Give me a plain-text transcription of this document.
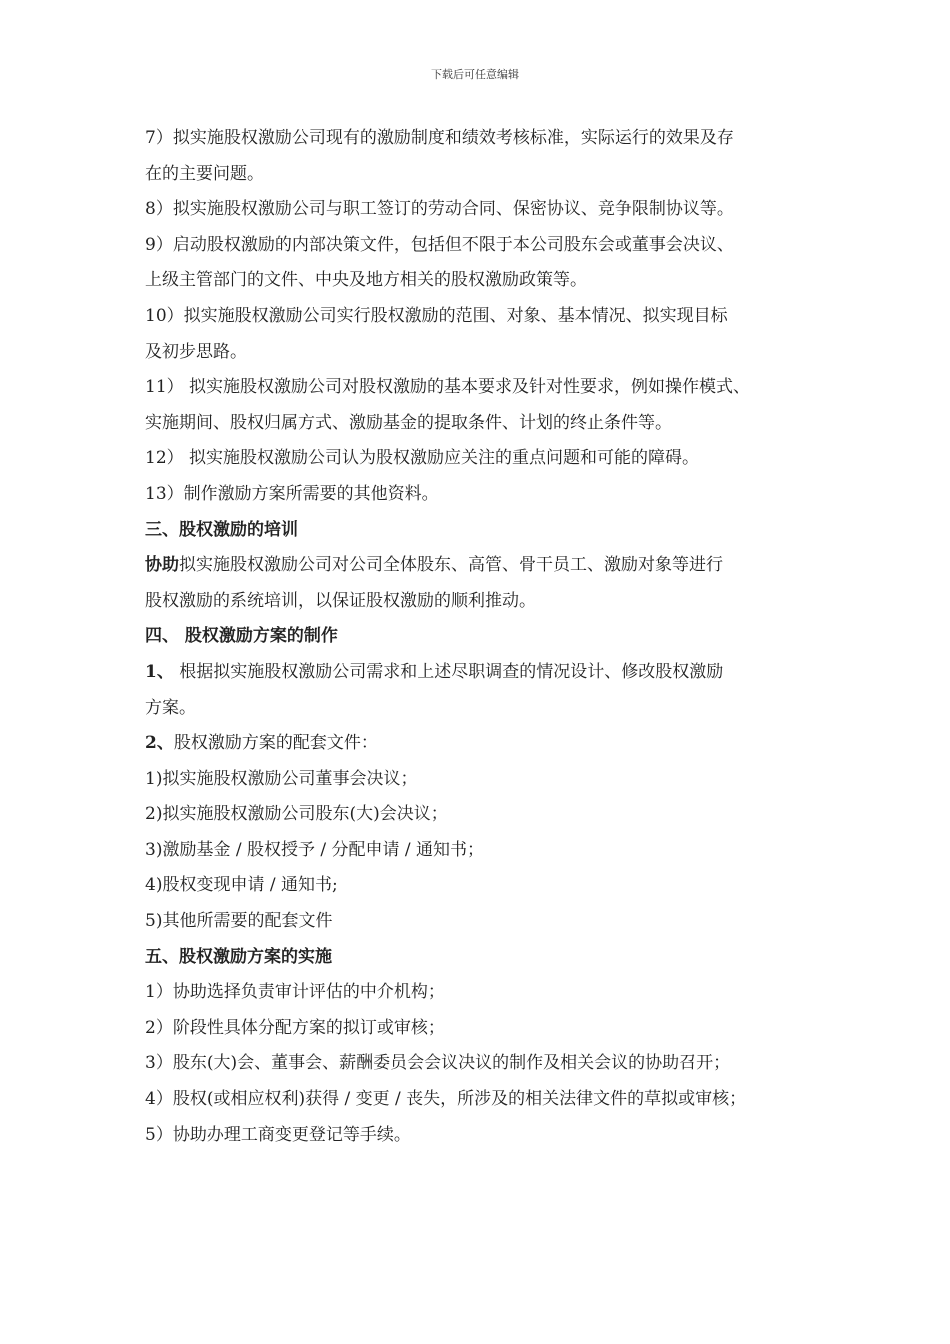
下载后可任意编辑
7）拟实施股权激励公司现有的激励制度和绩效考核标准，实际运行的效果及存
在的主要问题。
8）拟实施股权激励公司与职工签订的劳动合同、保密协议、竞争限制协议等。
9）启动股权激励的内部决策文件，包括但不限于本公司股东会或董事会决议、
上级主管部门的文件、中央及地方相关的股权激励政策等。
10）拟实施股权激励公司实行股权激励的范围、对象、基本情况、拟实现目标
及初步思路。
11） 拟实施股权激励公司对股权激励的基本要求及针对性要求，例如操作模式、
实施期间、股权归属方式、激励基金的提取条件、计划的终止条件等。
12） 拟实施股权激励公司认为股权激励应关注的重点问题和可能的障碍。
13）制作激励方案所需要的其他资料。
三、股权激励的培训
协助拟实施股权激励公司对公司全体股东、高管、骨干员工、激励对象等进行
股权激励的系统培训，以保证股权激励的顺利推动。
四、 股权激励方案的制作
1、 根据拟实施股权激励公司需求和上述尽职调查的情况设计、修改股权激励
方案。
2、股权激励方案的配套文件：
1)拟实施股权激励公司董事会决议；
2)拟实施股权激励公司股东(大)会决议；
3)激励基金 / 股权授予 / 分配申请 / 通知书；
4)股权变现申请 / 通知书;
5)其他所需要的配套文件
五、股权激励方案的实施
1）协助选择负责审计评估的中介机构；
2）阶段性具体分配方案的拟订或审核；
3）股东(大)会、董事会、薪酬委员会会议决议的制作及相关会议的协助召开；
4）股权(或相应权利)获得 / 变更 / 丧失，所涉及的相关法律文件的草拟或审核；
5）协助办理工商变更登记等手续。
